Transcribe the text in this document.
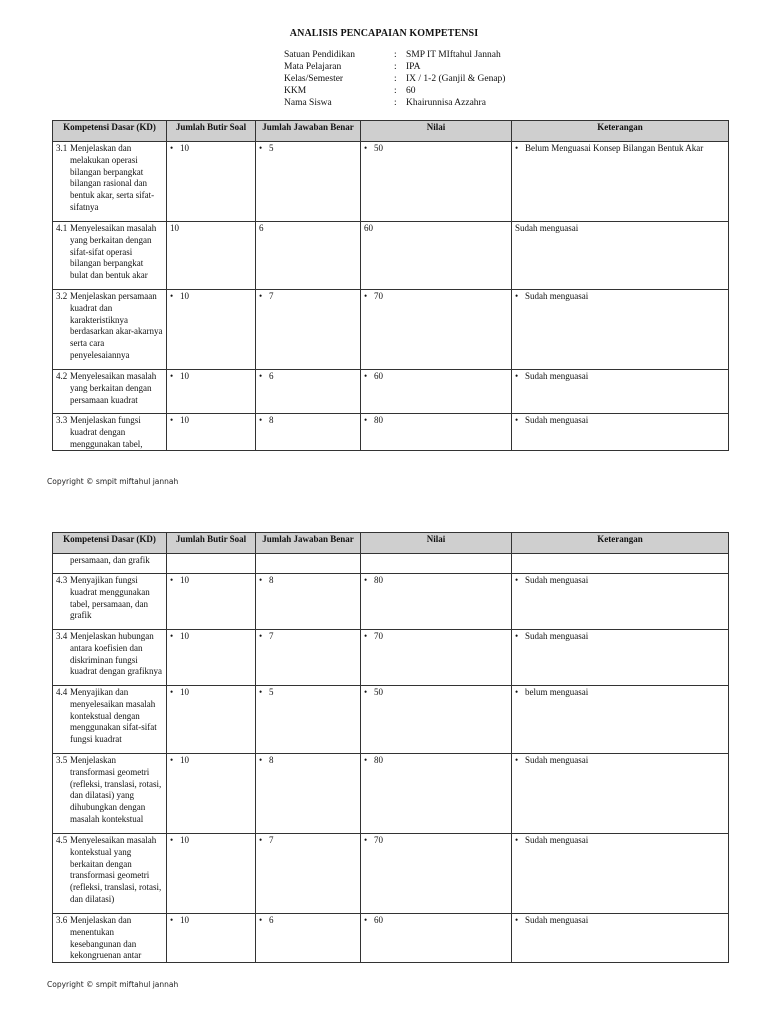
ANALISIS PENCAPAIAN KOMPETENSI
Satuan Pendidikan	: SMP IT MIftahul Jannah
Mata Pelajaran	: IPA
Kelas/Semester	: IX / 1-2 (Ganjil & Genap)
KKM	: 60
Nama Siswa	: Khairunnisa Azzahra
Kompetensi Dasar (KD)	Jumlah Butir Soal	Jumlah Jawaban Benar	Nilai	Keterangan

3.1 Menjelaskan dan melakukan operasi bilangan berpangkat bilangan rasional dan bentuk akar, serta sifat-sifatnya	• 10	• 5	• 50	• Belum Menguasai Konsep Bilangan Bentuk Akar

4.1 Menyelesaikan masalah yang berkaitan dengan sifat-sifat operasi bilangan berpangkat bulat dan bentuk akar	10	6	60	Sudah menguasai

3.2 Menjelaskan persamaan kuadrat dan karakteristiknya berdasarkan akar-akarnya serta cara penyelesaiannya	• 10	• 7	• 70	• Sudah menguasai

4.2 Menyelesaikan masalah yang berkaitan dengan persamaan kuadrat	• 10	• 6	• 60	• Sudah menguasai

3.3 Menjelaskan fungsi kuadrat dengan menggunakan tabel,	• 10	• 8	• 80	• Sudah menguasai
Copyright © smpit miftahul jannah
Kompetensi Dasar (KD)	Jumlah Butir Soal	Jumlah Jawaban Benar	Nilai	Keterangan

persamaan, dan grafik				

4.3 Menyajikan fungsi kuadrat menggunakan tabel, persamaan, dan grafik	• 10	• 8	• 80	• Sudah menguasai

3.4 Menjelaskan hubungan antara koefisien dan diskriminan fungsi kuadrat dengan grafiknya	• 10	• 7	• 70	• Sudah menguasai

4.4 Menyajikan dan menyelesaikan masalah kontekstual dengan menggunakan sifat-sifat fungsi kuadrat	• 10	• 5	• 50	• belum menguasai

3.5 Menjelaskan transformasi geometri (refleksi, translasi, rotasi, dan dilatasi) yang dihubungkan dengan masalah kontekstual	• 10	• 8	• 80	• Sudah menguasai

4.5 Menyelesaikan masalah kontekstual yang berkaitan dengan transformasi geometri (refleksi, translasi, rotasi, dan dilatasi)	• 10	• 7	• 70	• Sudah menguasai

3.6 Menjelaskan dan menentukan kesebangunan dan kekongruenan antar	• 10	• 6	• 60	• Sudah menguasai
Copyright © smpit miftahul jannah
